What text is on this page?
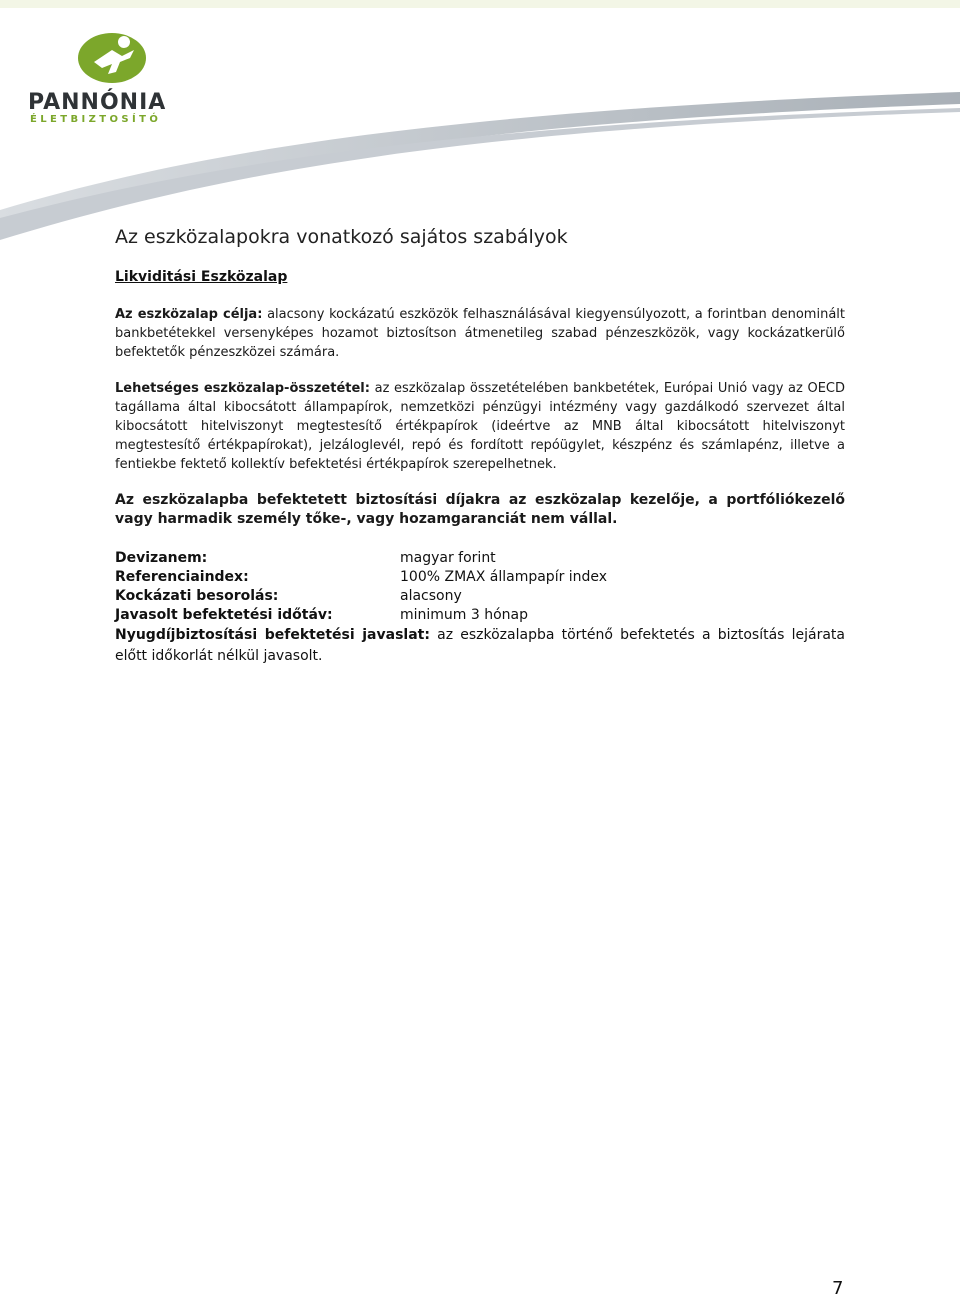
PANNÓNIA
ÉLETBIZTOSÍTÓ
Az eszközalapokra vonatkozó sajátos szabályok
Likviditási Eszközalap

Az eszközalap célja: alacsony kockázatú eszközök felhasználásával kiegyensúlyozott, a forintban denominált bankbetétekkel versenyképes hozamot biztosítson átmenetileg szabad pénzeszközök, vagy kockázatkerülő befektetők pénzeszközei számára.

Lehetséges eszközalap-összetétel: az eszközalap összetételében bankbetétek, Európai Unió vagy az OECD tagállama által kibocsátott állampapírok, nemzetközi pénzügyi intézmény vagy gazdálkodó szervezet által kibocsátott hitelviszonyt megtestesítő értékpapírok (ideértve az MNB által kibocsátott hitelviszonyt megtestesítő értékpapírokat), jelzáloglevél, repó és fordított repóügylet, készpénz és számlapénz, illetve a fentiekbe fektető kollektív befektetési értékpapírok szerepelhetnek.

Az eszközalapba befektetett biztosítási díjakra az eszközalap kezelője, a portfóliókezelő vagy harmadik személy tőke-, vagy hozamgaranciát nem vállal.

Devizanem:	magyar forint
Referenciaindex:	100% ZMAX állampapír index
Kockázati besorolás:	alacsony
Javasolt befektetési időtáv:	minimum 3 hónap

Nyugdíjbiztosítási befektetési javaslat: az eszközalapba történő befektetés a biztosítás lejárata előtt időkorlát nélkül javasolt.

7
